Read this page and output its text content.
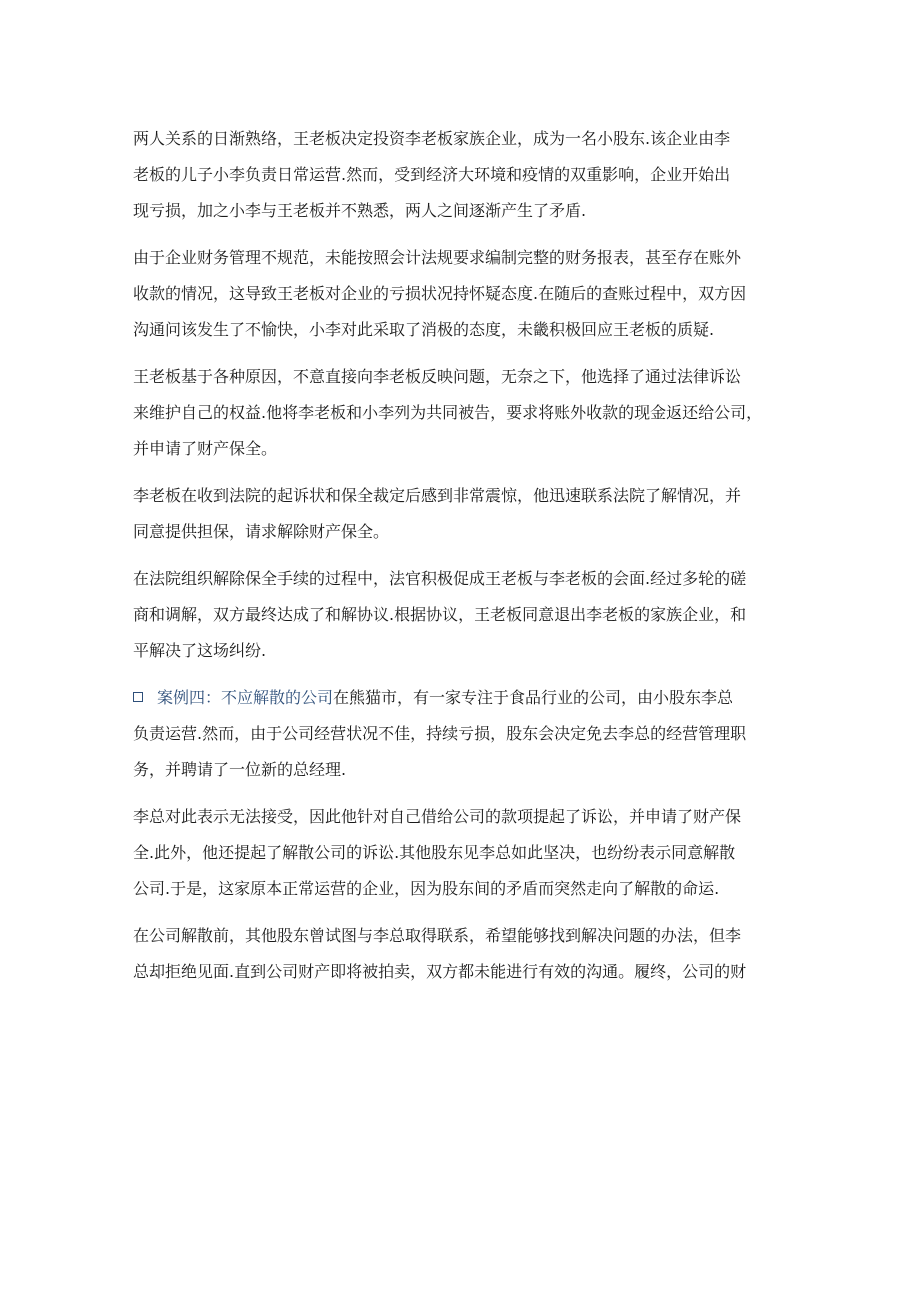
两人关系的日渐熟络，王老板决定投资李老板家族企业，成为一名小股东.该企业由李
老板的儿子小李负责日常运营.然而，受到经济大环境和疫情的双重影响，企业开始出
现亏损，加之小李与王老板并不熟悉，两人之间逐渐产生了矛盾.
由于企业财务管理不规范，未能按照会计法规要求编制完整的财务报表，甚至存在账外
收款的情况，这导致王老板对企业的亏损状况持怀疑态度.在随后的查账过程中，双方因
沟通问该发生了不愉快，小李对此采取了消极的态度，未畿积极回应王老板的质疑.
王老板基于各种原因，不意直接向李老板反映问题，无奈之下，他选择了通过法律诉讼
来维护自己的权益.他将李老板和小李列为共同被告，要求将账外收款的现金返还给公司，
并申请了财产保全。
李老板在收到法院的起诉状和保全裁定后感到非常震惊，他迅速联系法院了解情况，并
同意提供担保，请求解除财产保全。
在法院组织解除保全手续的过程中，法官积极促成王老板与李老板的会面.经过多轮的磋
商和调解，双方最终达成了和解协议.根据协议，王老板同意退出李老板的家族企业，和
平解决了这场纠纷.
案例四：不应解散的公司在熊猫市，有一家专注于食品行业的公司，由小股东李总
负责运营.然而，由于公司经营状况不佳，持续亏损，股东会决定免去李总的经营管理职
务，并聘请了一位新的总经理.
李总对此表示无法接受，因此他针对自己借给公司的款项提起了诉讼，并申请了财产保
全.此外，他还提起了解散公司的诉讼.其他股东见李总如此坚决，也纷纷表示同意解散
公司.于是，这家原本正常运营的企业，因为股东间的矛盾而突然走向了解散的命运.
在公司解散前，其他股东曾试图与李总取得联系，希望能够找到解决问题的办法，但李
总却拒绝见面.直到公司财产即将被拍卖，双方都未能进行有效的沟通。履终，公司的财
